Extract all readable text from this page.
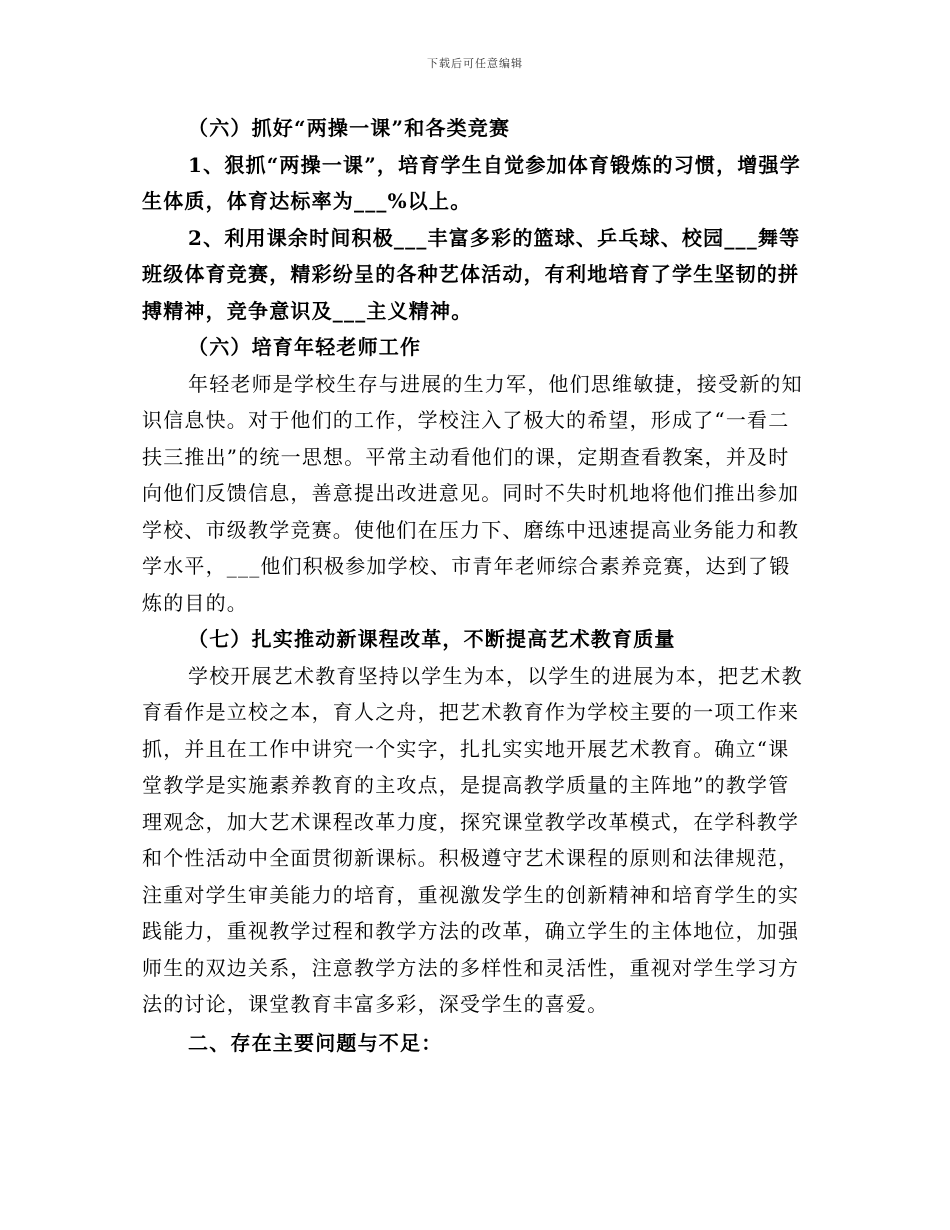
下载后可任意编辑

（六）抓好“两操一课”和各类竞赛

1、狠抓“两操一课”，培育学生自觉参加体育锻炼的习惯，增强学生体质，体育达标率为___%以上。

2、利用课余时间积极___丰富多彩的篮球、乒乓球、校园___舞等班级体育竞赛，精彩纷呈的各种艺体活动，有利地培育了学生坚韧的拼搏精神，竞争意识及___主义精神。

（六）培育年轻老师工作

年轻老师是学校生存与进展的生力军，他们思维敏捷，接受新的知识信息快。对于他们的工作，学校注入了极大的希望，形成了“一看二扶三推出”的统一思想。平常主动看他们的课，定期查看教案，并及时向他们反馈信息，善意提出改进意见。同时不失时机地将他们推出参加学校、市级教学竞赛。使他们在压力下、磨练中迅速提高业务能力和教学水平，___他们积极参加学校、市青年老师综合素养竞赛，达到了锻炼的目的。

（七）扎实推动新课程改革，不断提高艺术教育质量

学校开展艺术教育坚持以学生为本，以学生的进展为本，把艺术教育看作是立校之本，育人之舟，把艺术教育作为学校主要的一项工作来抓，并且在工作中讲究一个实字，扎扎实实地开展艺术教育。确立“课堂教学是实施素养教育的主攻点，是提高教学质量的主阵地”的教学管理观念，加大艺术课程改革力度，探究课堂教学改革模式，在学科教学和个性活动中全面贯彻新课标。积极遵守艺术课程的原则和法律规范，注重对学生审美能力的培育，重视激发学生的创新精神和培育学生的实践能力，重视教学过程和教学方法的改革，确立学生的主体地位，加强师生的双边关系，注意教学方法的多样性和灵活性，重视对学生学习方法的讨论，课堂教育丰富多彩，深受学生的喜爱。

二、存在主要问题与不足：
